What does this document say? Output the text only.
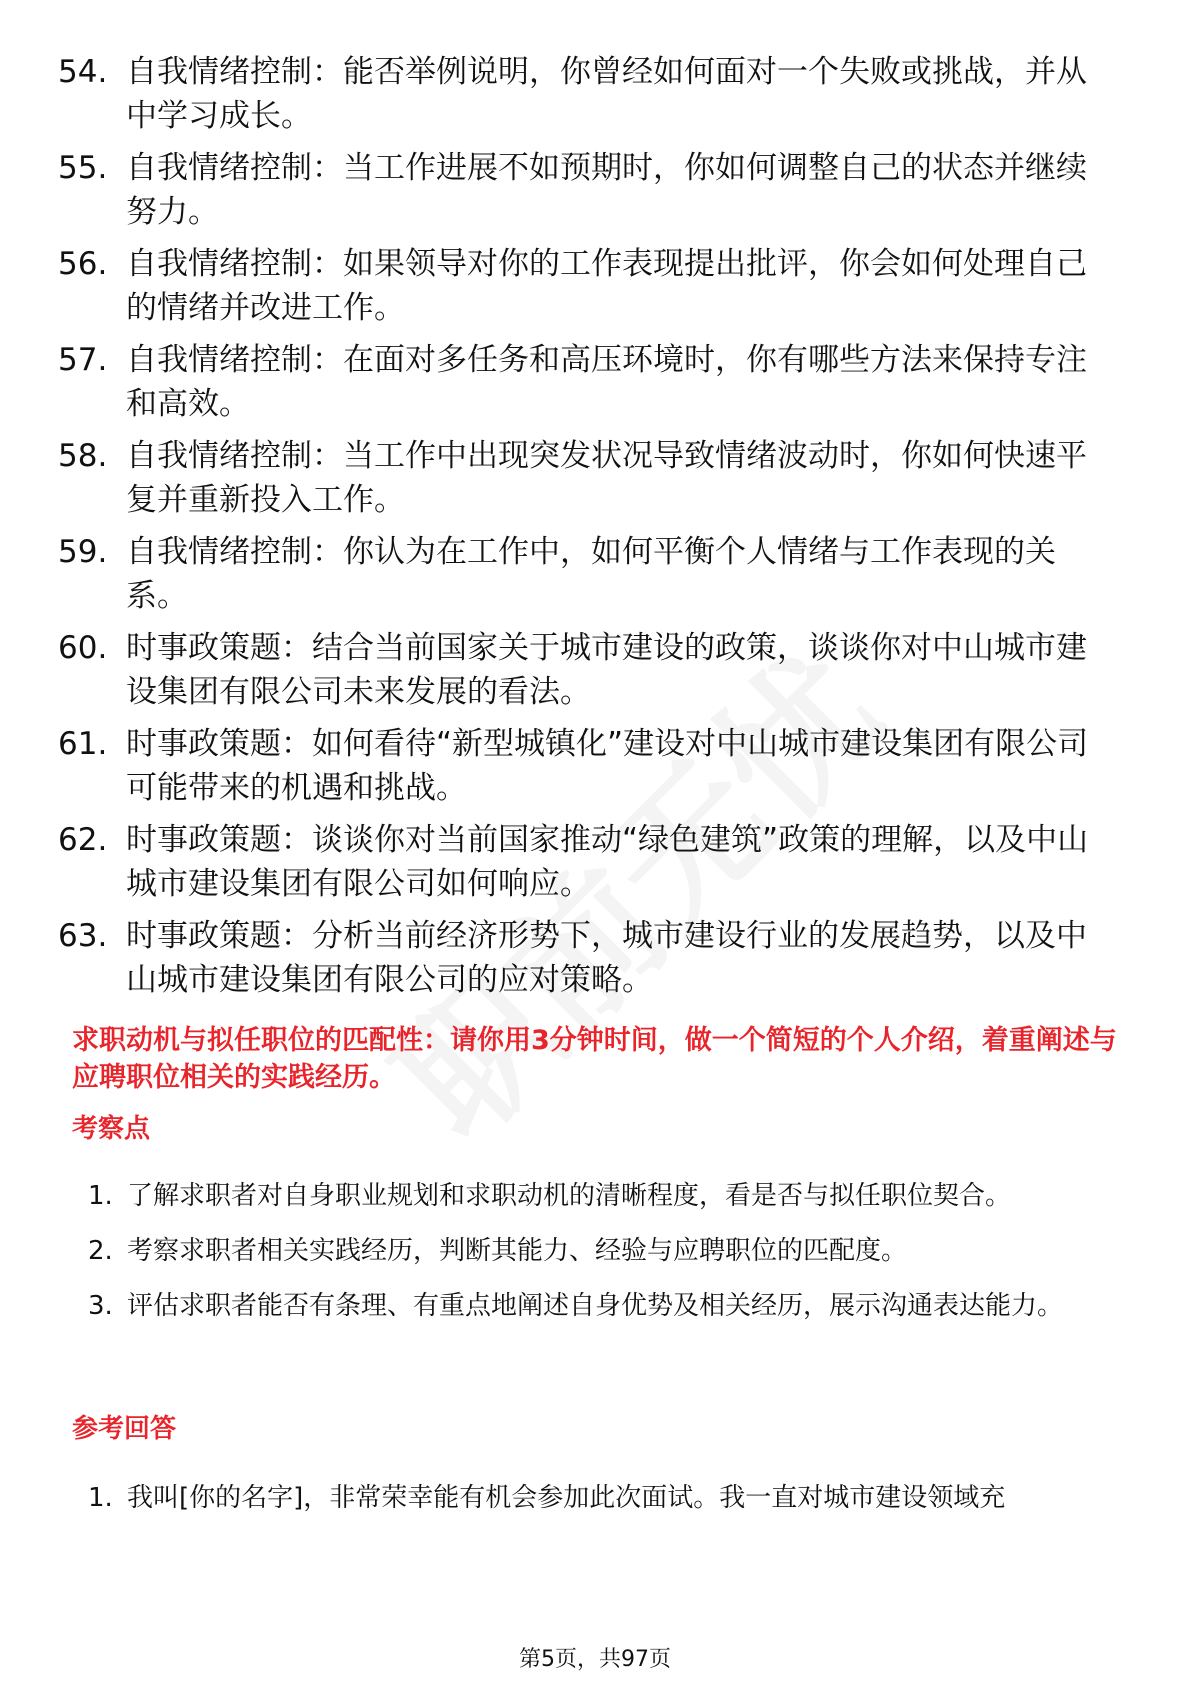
54. 自我情绪控制：能否举例说明，你曾经如何面对一个失败或挑战，并从中学习成长。
55. 自我情绪控制：当工作进展不如预期时，你如何调整自己的状态并继续努力。
56. 自我情绪控制：如果领导对你的工作表现提出批评，你会如何处理自己的情绪并改进工作。
57. 自我情绪控制：在面对多任务和高压环境时，你有哪些方法来保持专注和高效。
58. 自我情绪控制：当工作中出现突发状况导致情绪波动时，你如何快速平复并重新投入工作。
59. 自我情绪控制：你认为在工作中，如何平衡个人情绪与工作表现的关系。
60. 时事政策题：结合当前国家关于城市建设的政策，谈谈你对中山城市建设集团有限公司未来发展的看法。
61. 时事政策题：如何看待“新型城镇化”建设对中山城市建设集团有限公司可能带来的机遇和挑战。
62. 时事政策题：谈谈你对当前国家推动“绿色建筑”政策的理解，以及中山城市建设集团有限公司如何响应。
63. 时事政策题：分析当前经济形势下，城市建设行业的发展趋势，以及中山城市建设集团有限公司的应对策略。
求职动机与拟任职位的匹配性：请你用3分钟时间，做一个简短的个人介绍，着重阐述与应聘职位相关的实践经历。
考察点
1. 了解求职者对自身职业规划和求职动机的清晰程度，看是否与拟任职位契合。
2. 考察求职者相关实践经历，判断其能力、经验与应聘职位的匹配度。
3. 评估求职者能否有条理、有重点地阐述自身优势及相关经历，展示沟通表达能力。
参考回答
1. 我叫[你的名字]，非常荣幸能有机会参加此次面试。我一直对城市建设领域充
第5页，共97页
